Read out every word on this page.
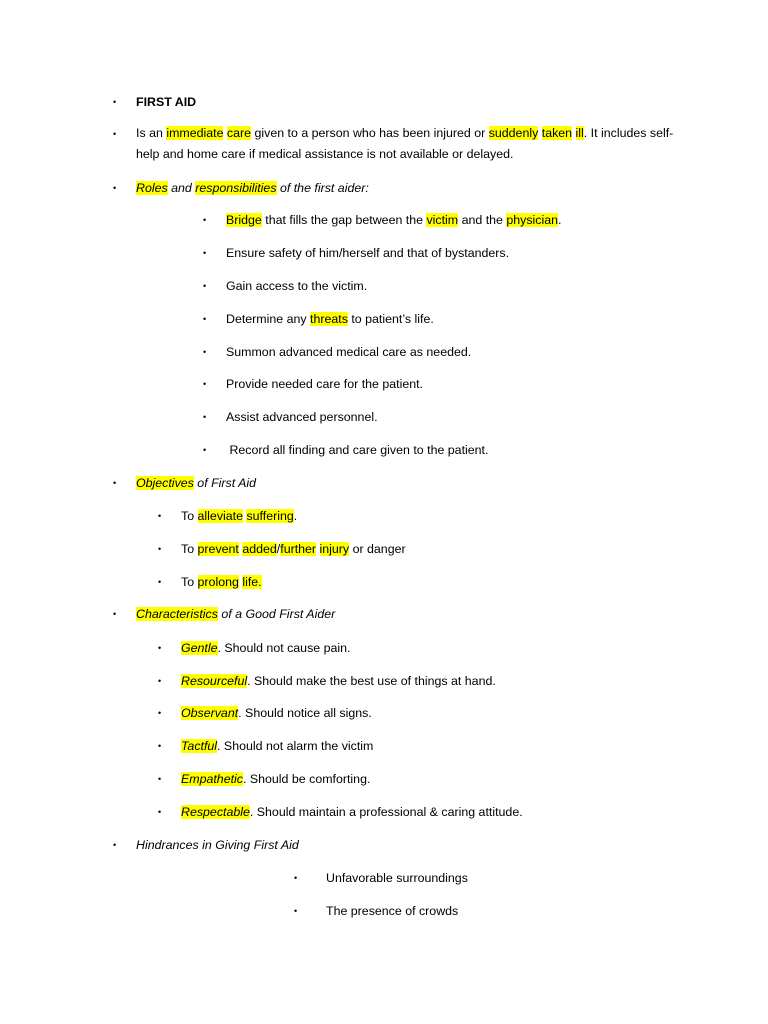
• FIRST AID
• Is an immediate care given to a person who has been injured or suddenly taken ill. It includes self-help and home care if medical assistance is not available or delayed.
• Roles and responsibilities of the first aider:
• Bridge that fills the gap between the victim and the physician.
• Ensure safety of him/herself and that of bystanders.
• Gain access to the victim.
• Determine any threats to patient’s life.
• Summon advanced medical care as needed.
• Provide needed care for the patient.
• Assist advanced personnel.
• Record all finding and care given to the patient.
• Objectives of First Aid
• To alleviate suffering.
• To prevent added/further injury or danger
• To prolong life.
• Characteristics of a Good First Aider
• Gentle. Should not cause pain.
• Resourceful. Should make the best use of things at hand.
• Observant. Should notice all signs.
• Tactful. Should not alarm the victim
• Empathetic. Should be comforting.
• Respectable. Should maintain a professional & caring attitude.
• Hindrances in Giving First Aid
• Unfavorable surroundings
• The presence of crowds
